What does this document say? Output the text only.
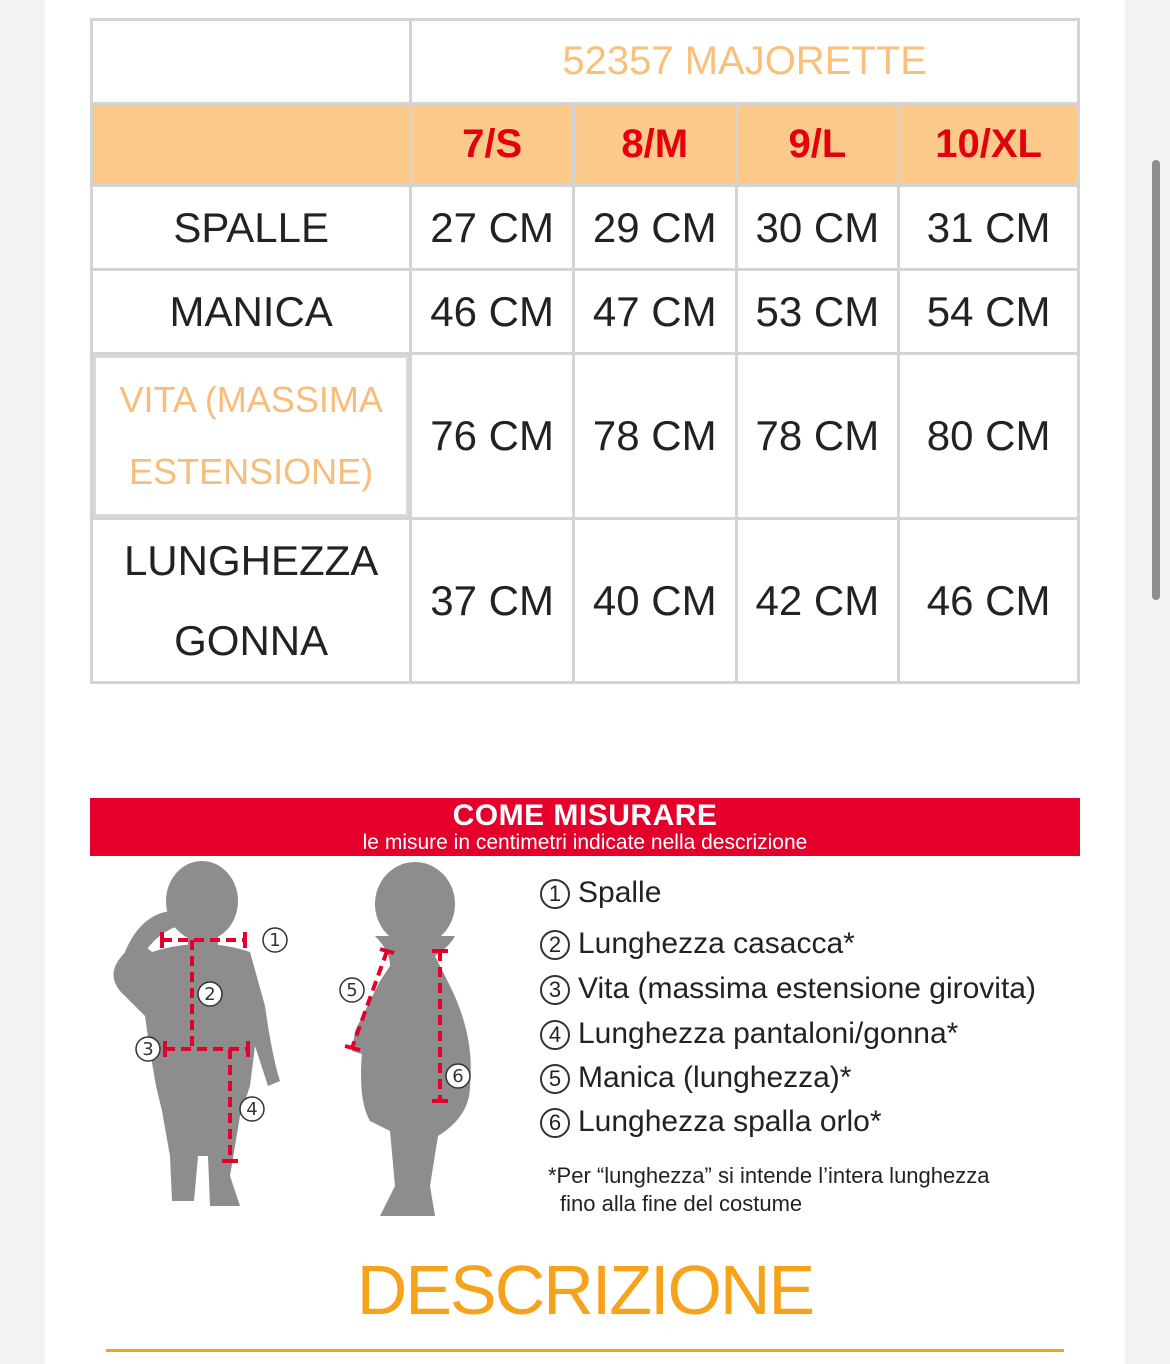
	52357 MAJORETTE			
	7/S	8/M	9/L	10/XL
SPALLE	27 CM	29 CM	30 CM	31 CM
MANICA	46 CM	47 CM	53 CM	54 CM

VITA (MASSIMA
ESTENSIONE)	76 CM	78 CM	78 CM	80 CM

LUNGHEZZA
GONNA	37 CM	40 CM	42 CM	46 CM
COME MISURARE
le misure in centimetri indicate nella descrizione
1
2
3
4
5
6
1 Spalle
2 Lunghezza casacca*
3 Vita (massima estensione girovita)
4 Lunghezza pantaloni/gonna*
5 Manica (lunghezza)*
6 Lunghezza spalla orlo*
*Per “lunghezza” si intende l’intera lunghezza
fino alla fine del costume
DESCRIZIONE
